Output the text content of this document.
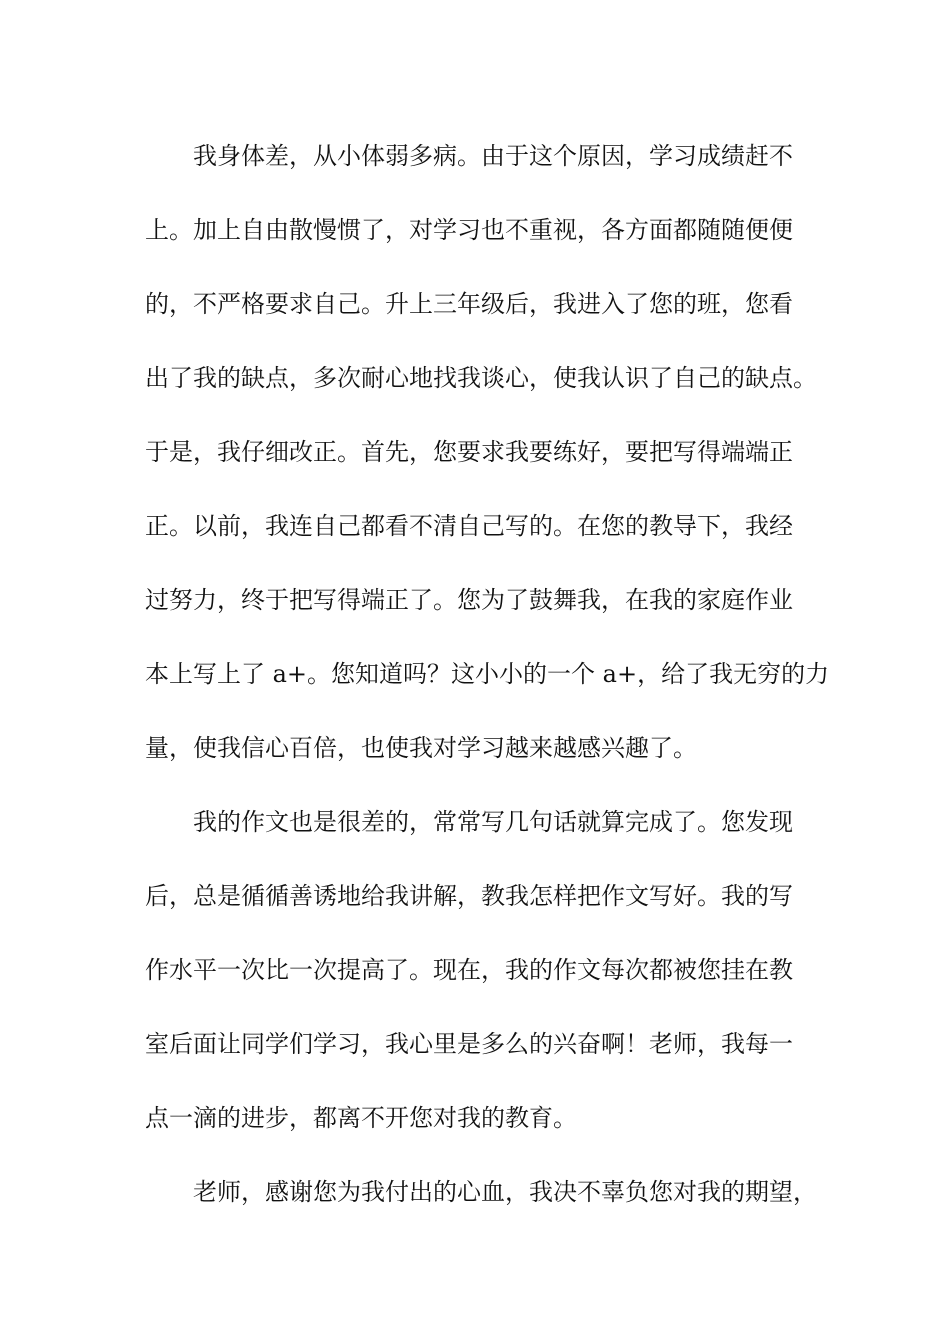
我身体差，从小体弱多病。由于这个原因，学习成绩赶不
上。加上自由散慢惯了，对学习也不重视，各方面都随随便便
的，不严格要求自己。升上三年级后，我进入了您的班，您看
出了我的缺点，多次耐心地找我谈心，使我认识了自己的缺点。
于是，我仔细改正。首先，您要求我要练好，要把写得端端正
正。以前，我连自己都看不清自己写的。在您的教导下，我经
过努力，终于把写得端正了。您为了鼓舞我，在我的家庭作业
本上写上了 a+。您知道吗？这小小的一个 a+，给了我无穷的力
量，使我信心百倍，也使我对学习越来越感兴趣了。
我的作文也是很差的，常常写几句话就算完成了。您发现
后，总是循循善诱地给我讲解，教我怎样把作文写好。我的写
作水平一次比一次提高了。现在，我的作文每次都被您挂在教
室后面让同学们学习，我心里是多么的兴奋啊！老师，我每一
点一滴的进步，都离不开您对我的教育。
老师，感谢您为我付出的心血，我决不辜负您对我的期望，
